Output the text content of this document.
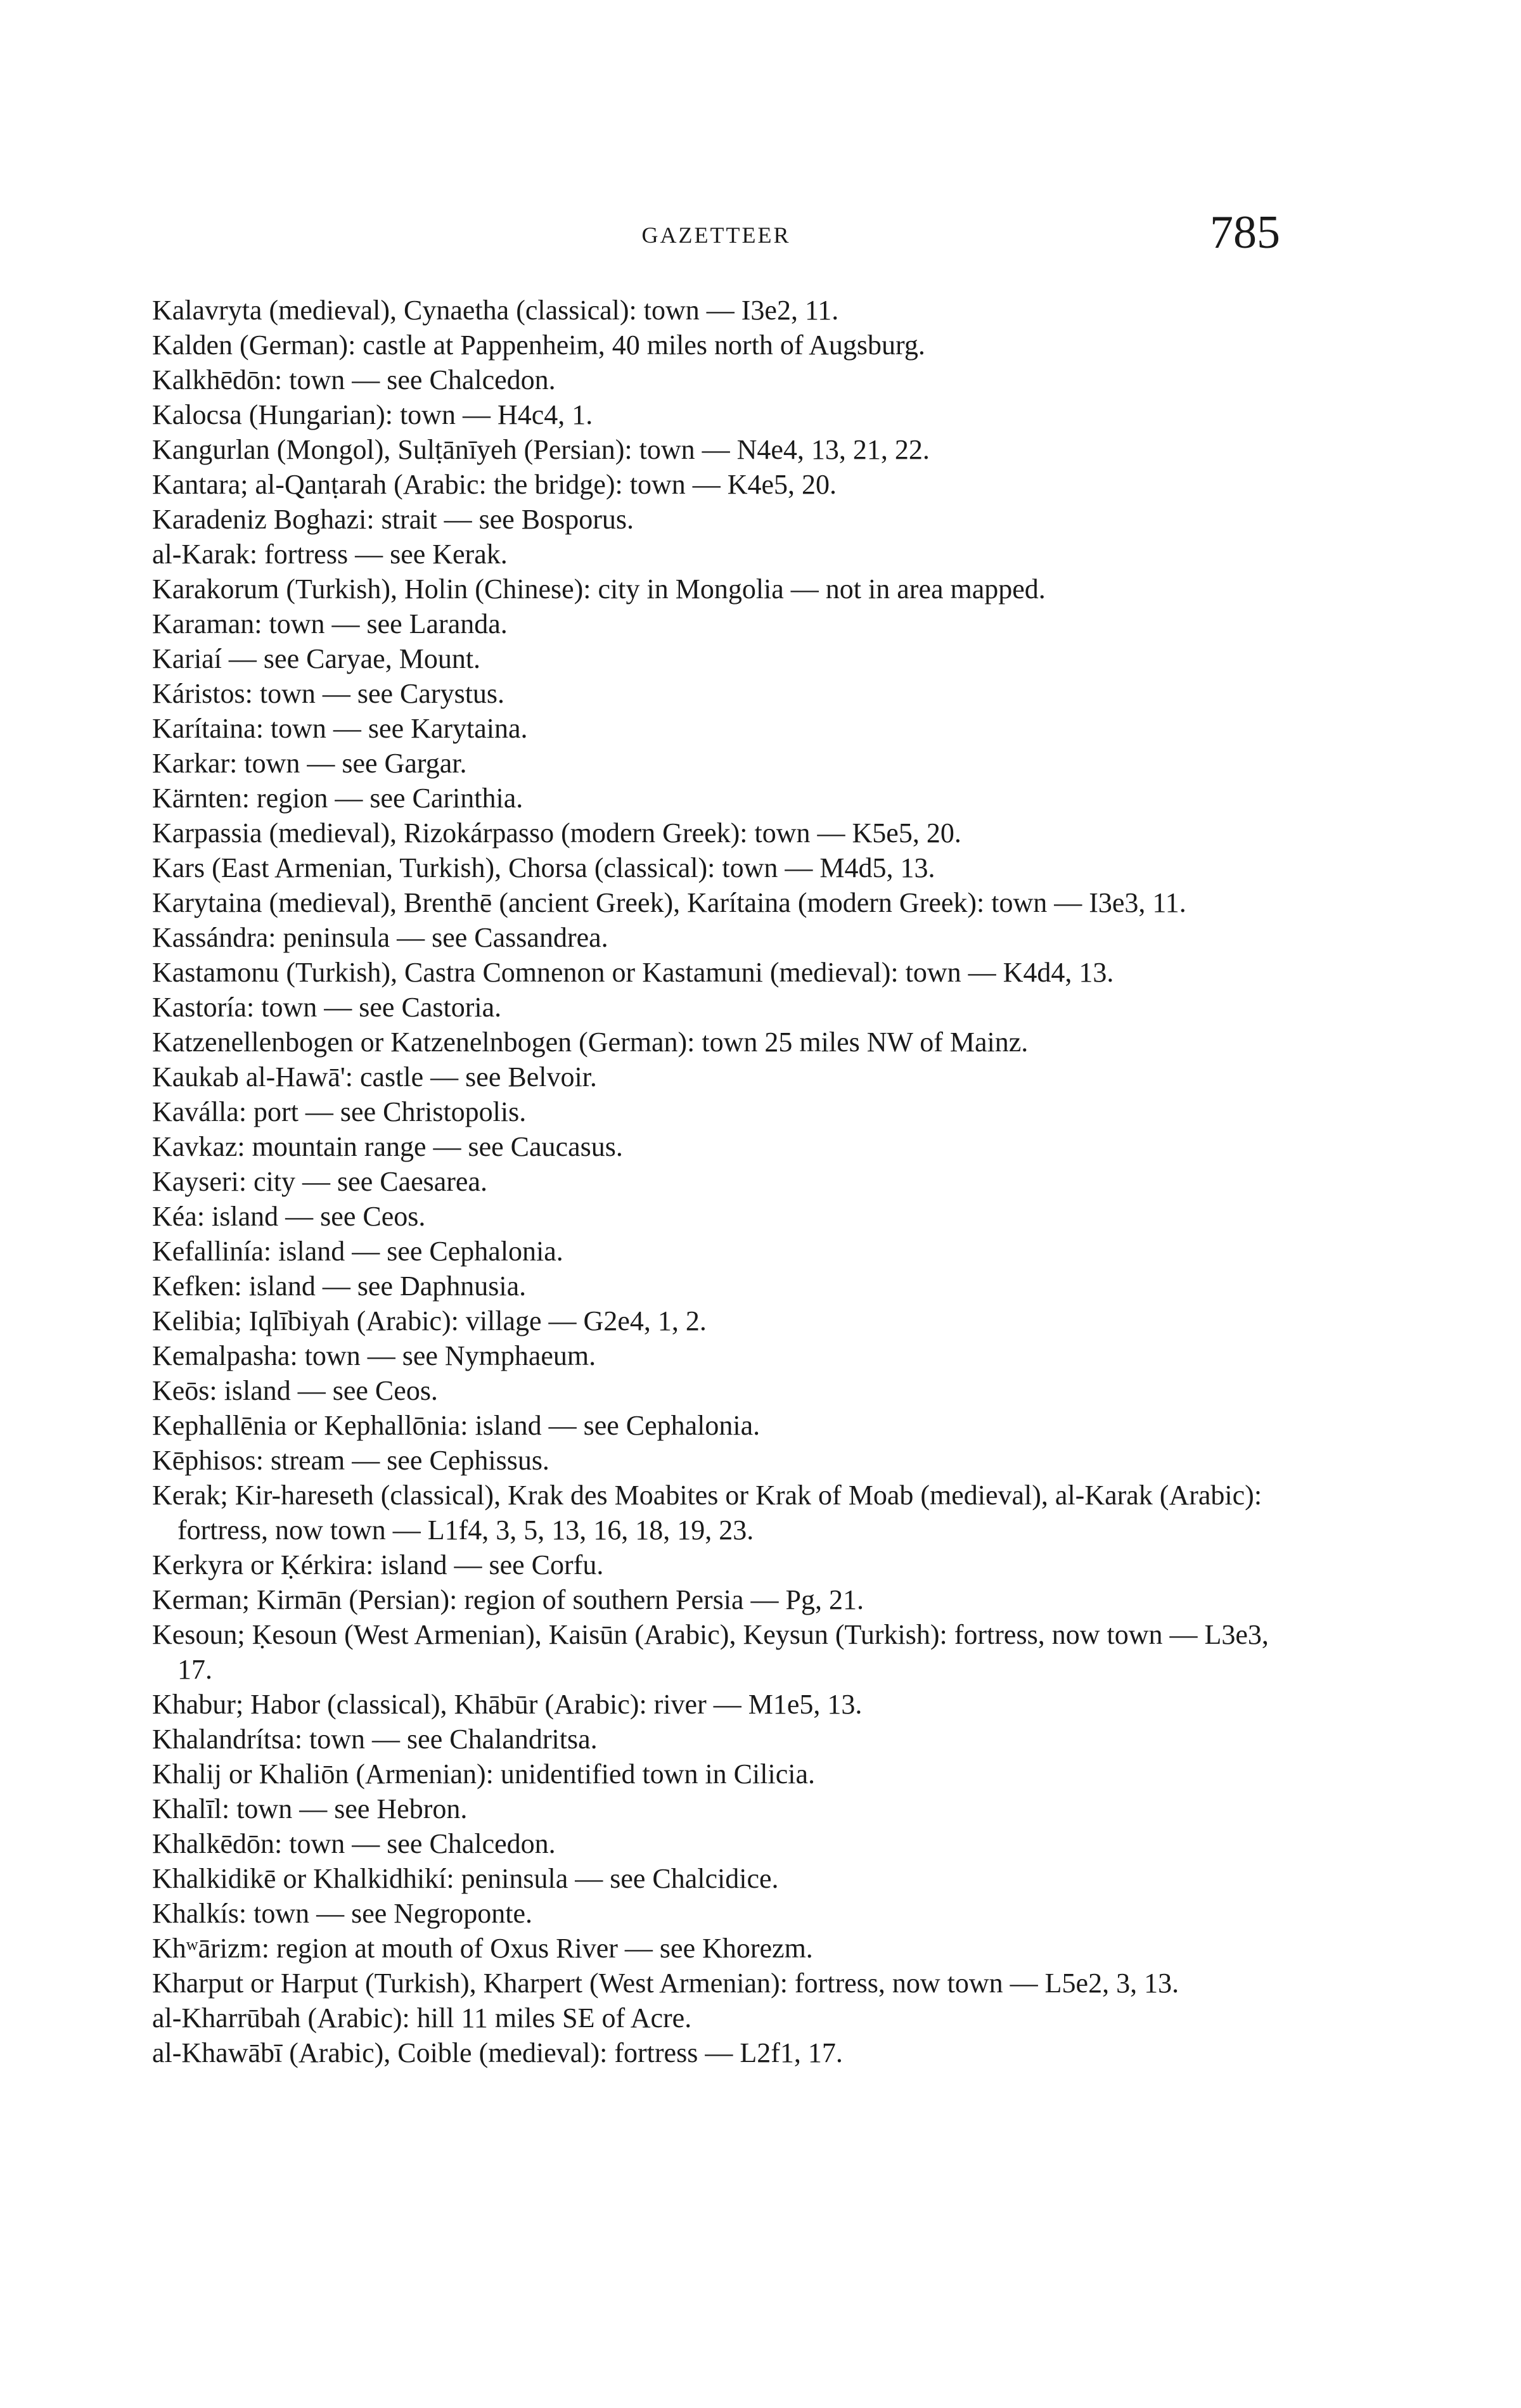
GAZETTEER	785
Kalavryta (medieval), Cynaetha (classical): town — I3e2, 11.
Kalden (German): castle at Pappenheim, 40 miles north of Augsburg.
Kalkhēdōn: town — see Chalcedon.
Kalocsa (Hungarian): town — H4c4, 1.
Kangurlan (Mongol), Sulṭānīyeh (Persian): town — N4e4, 13, 21, 22.
Kantara; al-Qanṭarah (Arabic: the bridge): town — K4e5, 20.
Karadeniz Boghazi: strait — see Bosporus.
al-Karak: fortress — see Kerak.
Karakorum (Turkish), Holin (Chinese): city in Mongolia — not in area mapped.
Karaman: town — see Laranda.
Kariaí — see Caryae, Mount.
Káristos: town — see Carystus.
Karítaina: town — see Karytaina.
Karkar: town — see Gargar.
Kärnten: region — see Carinthia.
Karpassia (medieval), Rizokárpasso (modern Greek): town — K5e5, 20.
Kars (East Armenian, Turkish), Chorsa (classical): town — M4d5, 13.
Karytaina (medieval), Brenthē (ancient Greek), Karítaina (modern Greek): town — I3e3, 11.
Kassándra: peninsula — see Cassandrea.
Kastamonu (Turkish), Castra Comnenon or Kastamuni (medieval): town — K4d4, 13.
Kastoría: town — see Castoria.
Katzenellenbogen or Katzenelnbogen (German): town 25 miles NW of Mainz.
Kaukab al-Hawā': castle — see Belvoir.
Kaválla: port — see Christopolis.
Kavkaz: mountain range — see Caucasus.
Kayseri: city — see Caesarea.
Kéa: island — see Ceos.
Kefallinía: island — see Cephalonia.
Kefken: island — see Daphnusia.
Kelibia; Iqlībiyah (Arabic): village — G2e4, 1, 2.
Kemalpasha: town — see Nymphaeum.
Keōs: island — see Ceos.
Kephallēnia or Kephallōnia: island — see Cephalonia.
Kēphisos: stream — see Cephissus.
Kerak; Kir-hareseth (classical), Krak des Moabites or Krak of Moab (medieval), al-Karak (Arabic): fortress, now town — L1f4, 3, 5, 13, 16, 18, 19, 23.
Kerkyra or Ḳérkira: island — see Corfu.
Kerman; Kirmān (Persian): region of southern Persia — Pg, 21.
Kesoun; Ḳesoun (West Armenian), Kaisūn (Arabic), Keysun (Turkish): fortress, now town — L3e3, 17.
Khabur; Habor (classical), Khābūr (Arabic): river — M1e5, 13.
Khalandrítsa: town — see Chalandritsa.
Khalij or Khaliōn (Armenian): unidentified town in Cilicia.
Khalīl: town — see Hebron.
Khalkēdōn: town — see Chalcedon.
Khalkidikē or Khalkidhikí: peninsula — see Chalcidice.
Khalkís: town — see Negroponte.
Khʷārizm: region at mouth of Oxus River — see Khorezm.
Kharput or Harput (Turkish), Kharpert (West Armenian): fortress, now town — L5e2, 3, 13.
al-Kharrūbah (Arabic): hill 11 miles SE of Acre.
al-Khawābī (Arabic), Coible (medieval): fortress — L2f1, 17.
